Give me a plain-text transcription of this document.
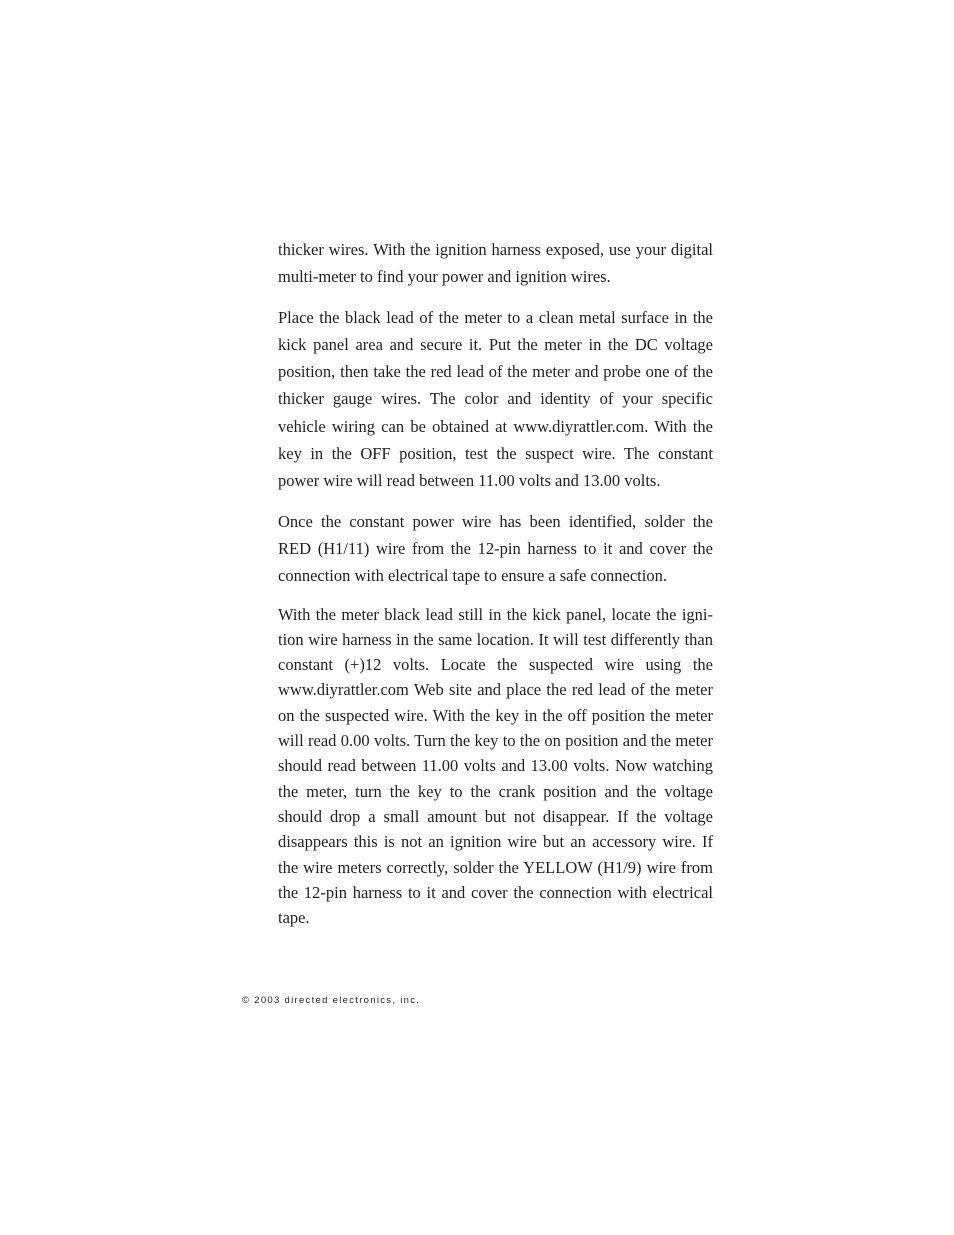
thicker wires. With the ignition harness exposed, use your digital multi-meter to find your power and ignition wires.

Place the black lead of the meter to a clean metal surface in the kick panel area and secure it. Put the meter in the DC voltage position, then take the red lead of the meter and probe one of the thicker gauge wires. The color and identity of your specific vehicle wiring can be obtained at www.diyrattler.com. With the key in the OFF position, test the suspect wire. The constant power wire will read between 11.00 volts and 13.00 volts.

Once the constant power wire has been identified, solder the RED (H1/11) wire from the 12-pin harness to it and cover the connection with electrical tape to ensure a safe connection.

With the meter black lead still in the kick panel, locate the ignition wire harness in the same location. It will test differently than constant (+)12 volts. Locate the suspected wire using the www.diyrattler.com Web site and place the red lead of the meter on the suspected wire. With the key in the off position the meter will read 0.00 volts. Turn the key to the on position and the meter should read between 11.00 volts and 13.00 volts. Now watching the meter, turn the key to the crank position and the voltage should drop a small amount but not disappear. If the voltage disappears this is not an ignition wire but an accessory wire. If the wire meters correctly, solder the YELLOW (H1/9) wire from the 12-pin harness to it and cover the connection with electrical tape.

© 2003 directed electronics, inc.
